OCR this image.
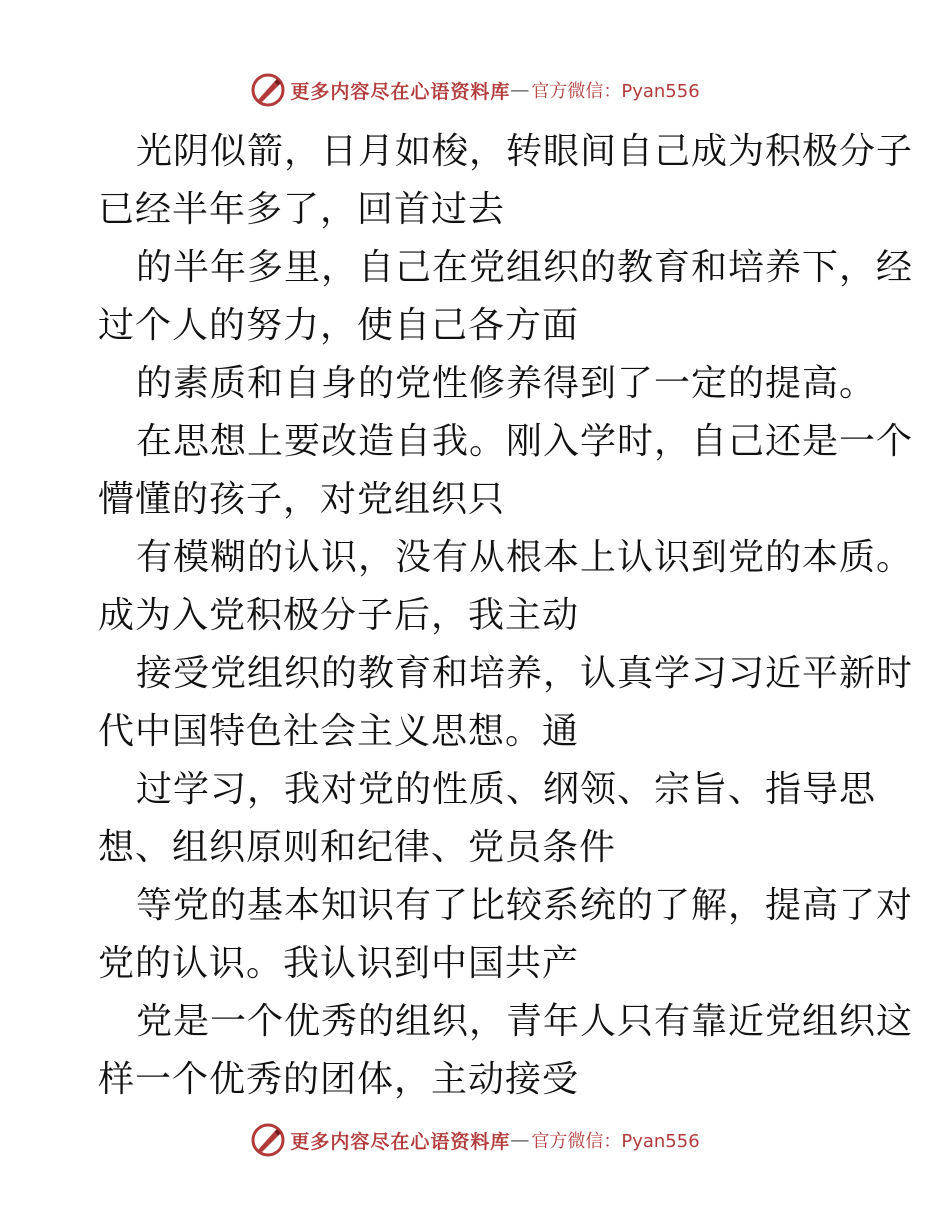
更多内容尽在心语资料库 — 官方微信：Pyan556
光阴似箭，日月如梭，转眼间自己成为积极分子
已经半年多了，回首过去
的半年多里，自己在党组织的教育和培养下，经
过个人的努力，使自己各方面
的素质和自身的党性修养得到了一定的提高。
在思想上要改造自我。刚入学时，自己还是一个
懵懂的孩子，对党组织只
有模糊的认识，没有从根本上认识到党的本质。
成为入党积极分子后，我主动
接受党组织的教育和培养，认真学习习近平新时
代中国特色社会主义思想。通
过学习，我对党的性质、纲领、宗旨、指导思
想、组织原则和纪律、党员条件
等党的基本知识有了比较系统的了解，提高了对
党的认识。我认识到中国共产
党是一个优秀的组织，青年人只有靠近党组织这
样一个优秀的团体，主动接受
更多内容尽在心语资料库 — 官方微信：Pyan556
